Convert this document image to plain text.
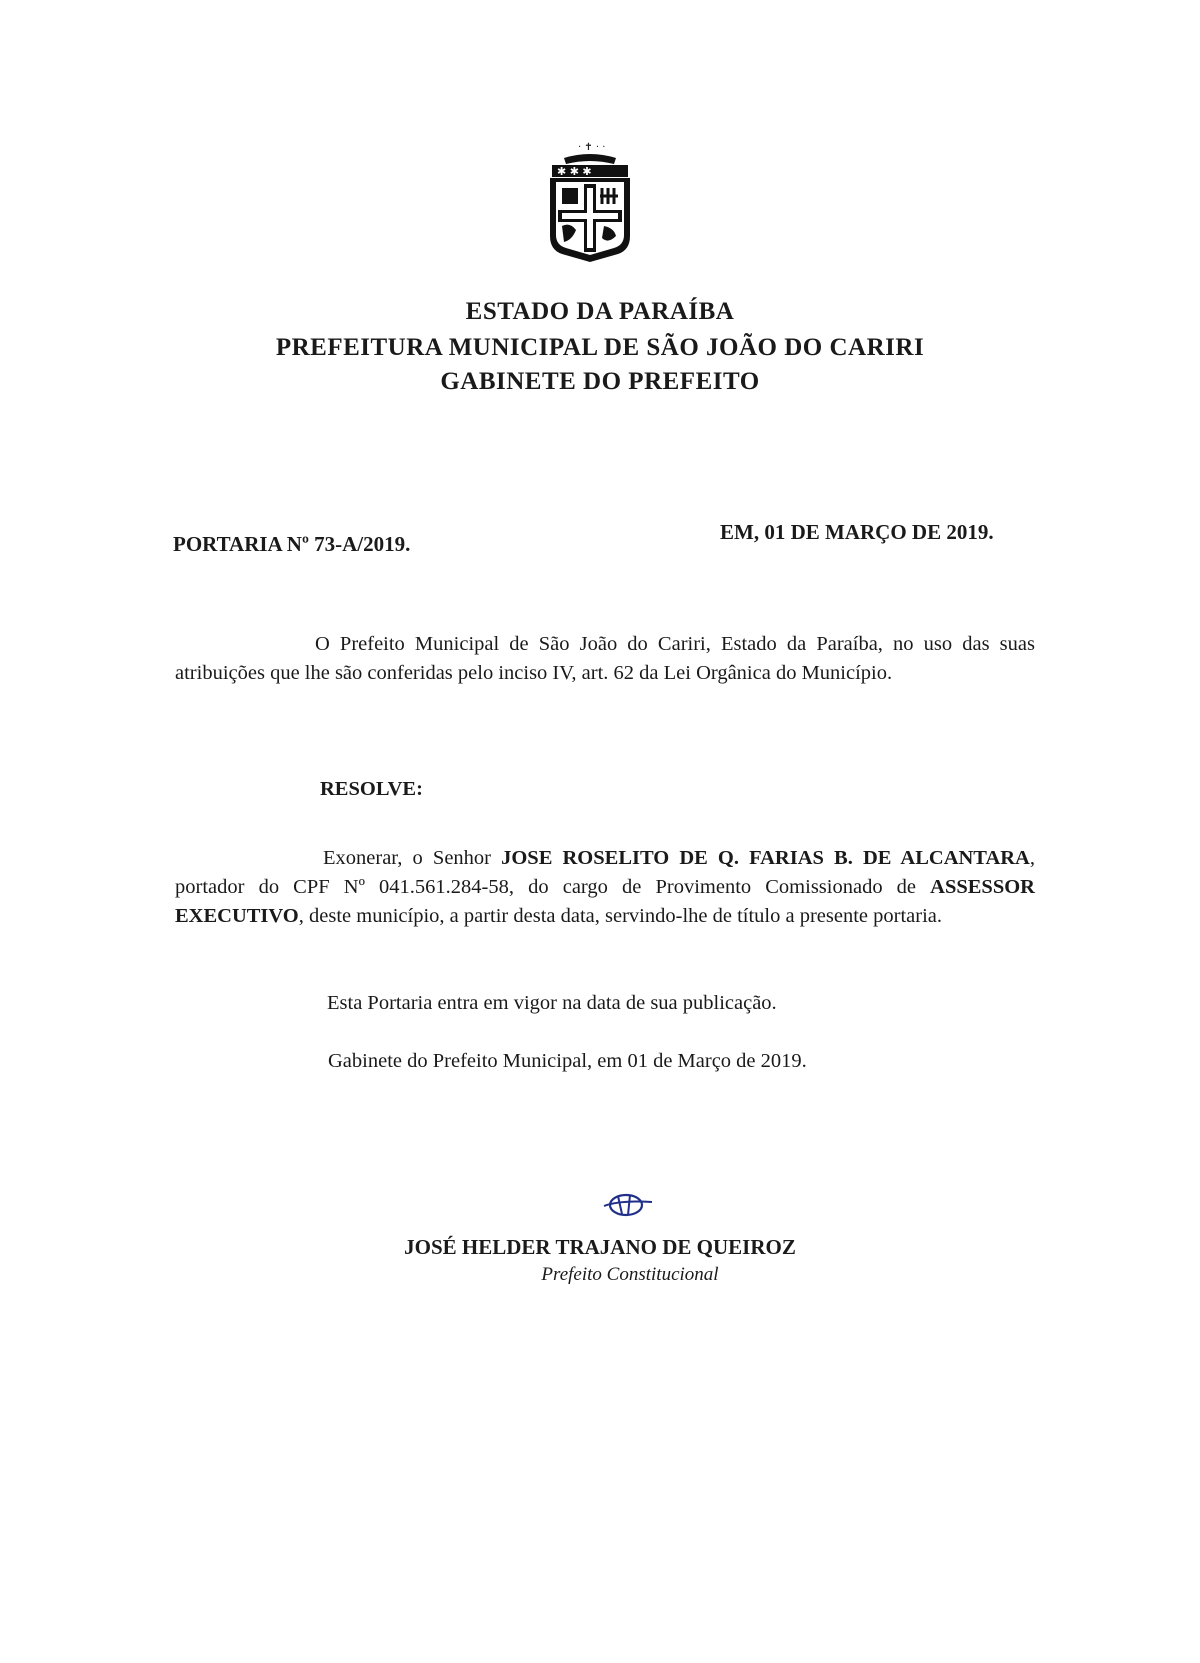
· ✝ · ·
✱ ✱ ✱
ESTADO DA PARAÍBA
PREFEITURA MUNICIPAL DE SÃO JOÃO DO CARIRI
GABINETE DO PREFEITO
PORTARIA Nº 73-A/2019.	EM, 01 DE MARÇO DE 2019.
O Prefeito Municipal de São João do Cariri, Estado da Paraíba, no uso das suas atribuições que lhe são conferidas pelo inciso IV, art. 62 da Lei Orgânica do Município.
RESOLVE:
Exonerar, o Senhor JOSE ROSELITO DE Q. FARIAS B. DE ALCANTARA, portador do CPF Nº 041.561.284-58, do cargo de Provimento Comissionado de ASSESSOR EXECUTIVO, deste município, a partir desta data, servindo-lhe de título a presente portaria.
Esta Portaria entra em vigor na data de sua publicação.
Gabinete do Prefeito Municipal, em 01 de Março de 2019.
JOSÉ HELDER TRAJANO DE QUEIROZ
Prefeito Constitucional
